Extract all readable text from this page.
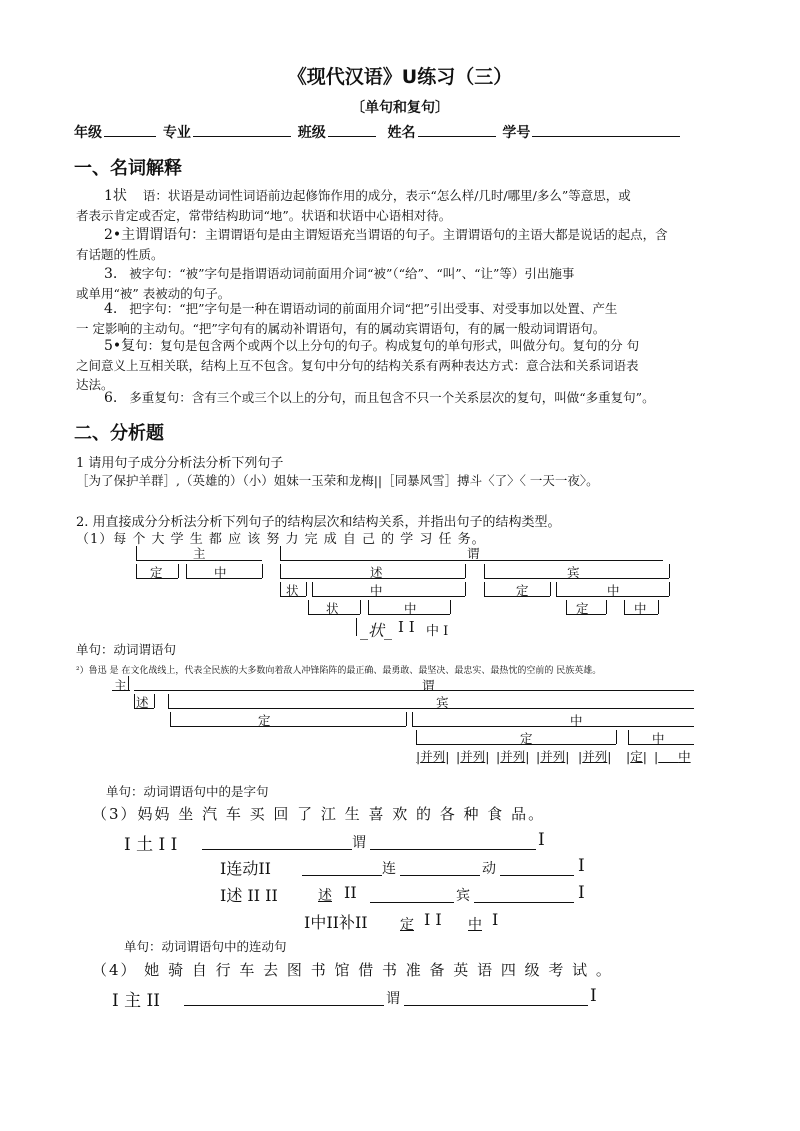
《现代汉语》U练习（三）
〔单句和复句〕
年级	专业	班级	姓名	学号
一、名词解释
1状 语：状语是动词性词语前边起修饰作用的成分，表示“怎么样/几时/哪里/多么”等意思，或
者表示肯定或否定，常带结构助词“地”。状语和状语中心语相对待。
2•主谓谓语句：主谓谓语句是由主谓短语充当谓语的句子。主谓谓语句的主语大都是说话的起点，含
有话题的性质。
3. 被字句：“被”字句是指谓语动词前面用介词“被”（“给”、“叫”、“让”等）引出施事
或单用“被” 表被动的句子。
4. 把字句：“把”字句是一种在谓语动词的前面用介词“把”引出受事、对受事加以处置、产生
一 定影响的主动句。“把”字句有的属动补谓语句，有的属动宾谓语句，有的属一般动词谓语句。
5•复句：复句是包含两个或两个以上分句的句子。构成复句的单句形式，叫做分句。复句的分 句
之间意义上互相关联，结构上互不包含。复句中分句的结构关系有两种表达方式：意合法和关系词语表
达法。
6. 多重复句：含有三个或三个以上的分句，而且包含不只一个关系层次的复句，叫做“多重复句”。
二、分析题
1 请用句子成分分析法分析下列句子
［为了保护羊群］,（英雄的）（小）姐妹一玉荣和龙梅||［同暴风雪］搏斗〈了〉〈 一天一夜〉。
2. 用直接成分分析法分析下列句子的结构层次和结构关系，并指出句子的结构类型。
（1）每 个 大 学 生 都 应 该 努 力 完 成 自 己 的 学 习 任 务。
主	谓
定	中	述	宾
状	中	定	中
状	中	定	中
_状_ I I 中 I
单句：动词谓语句
²）鲁迅 是 在文化战线上，代表全民族的大多数向着敌人冲锋陷阵的最正确、最勇敢、最坚决、最忠实、最热忱的空前的 民族英雄。
主	谓
述	宾
定	中
定	中
|并列| |并列| |并列| |并列| |并列| |定| | 中
单句：动词谓语句中的是字句
（3）妈妈 坐 汽 车 买 回 了 江 生 喜 欢 的 各 种 食 品。
I 土 I I	谓	I
I连动II	连	动	I
I述 II II	述 II	宾	I
I中II补II 定 I I 中 I
单句：动词谓语句中的连动句
（4） 她 骑 自 行 车 去 图 书 馆 借 书 准 备 英 语 四 级 考 试 。
I 主 II	谓	I
